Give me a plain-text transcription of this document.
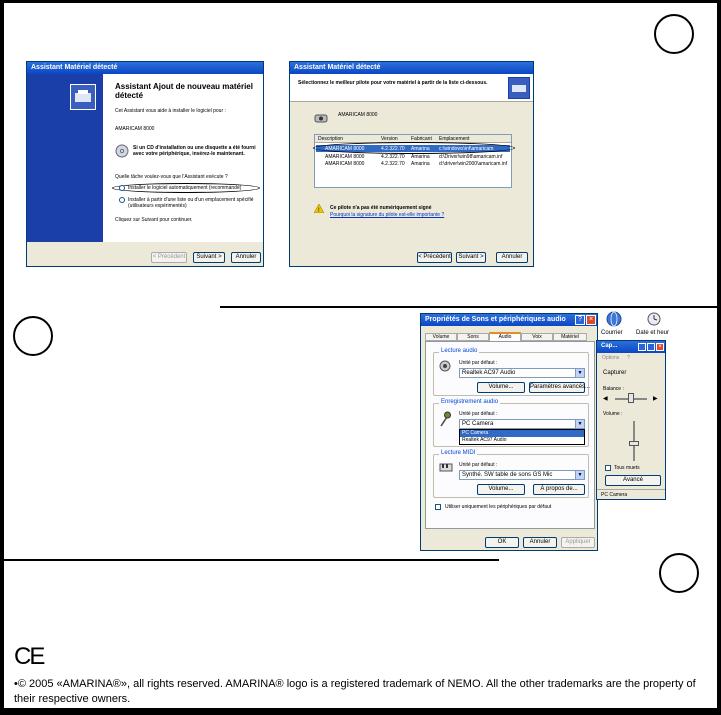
Assistant Matériel détecté
Assistant Ajout de nouveau matériel détecté
Cet Assistant vous aide à installer le logiciel pour :
AMARICAM 8000
Si un CD d'installation ou une disquette a été fourni avec votre périphérique, insérez-le maintenant.
Quelle tâche voulez-vous que l'Assistant exécute ?
Installer le logiciel automatiquement (recommandé)
Installer à partir d'une liste ou d'un emplacement spécifié (utilisateurs expérimentés)
Cliquez sur Suivant pour continuer.
< Précédent	Suivant >	Annuler
Assistant Matériel détecté
Sélectionnez le meilleur pilote pour votre matériel à partir de la liste ci-dessous.
AMARICAM 8000
Description	Version	Fabricant Emplacement
AMARICAM 8000	4.2.322.70 Amarina c:\windows\inf\amaricam
AMARICAM 8000	4.2.322.70 Amarina d:\Driver\win98\amaricam.inf
AMARICAM 8000	4.2.322.70 Amarina d:\driver\win2000\amaricam.inf
! Ce pilote n'a pas été numériquement signé
Pourquoi la signature du pilote est-elle importante ?
< Précédent	Suivant >	Annuler
Propriétés de Sons et périphériques audio	?	×
Volume	Sons	Audio	Voix	Matériel
Lecture audio
Unité par défaut :
Realtek AC97 Audio	▼
Volume...	Paramètres avancés...
Enregistrement audio
Unité par défaut :
PC Camera	▼
PC Camera
Realtek AC97 Audio
Lecture MIDI
Unité par défaut :
Synthé. SW table de sons GS Mic	▼
Volume...	À propos de...
Utiliser uniquement les périphériques par défaut
OK	Annuler	Appliquer
Courrier Date et heur
Cap...	×
Options ?
Capturer
Balance :
◀	▶
Volume :
Tous muets
Avancé
PC Camera
CE
•© 2005 «AMARINA®», all rights reserved. AMARINA® logo is a registered trademark of NEMO. All the other trademarks are the property of their respective owners.
